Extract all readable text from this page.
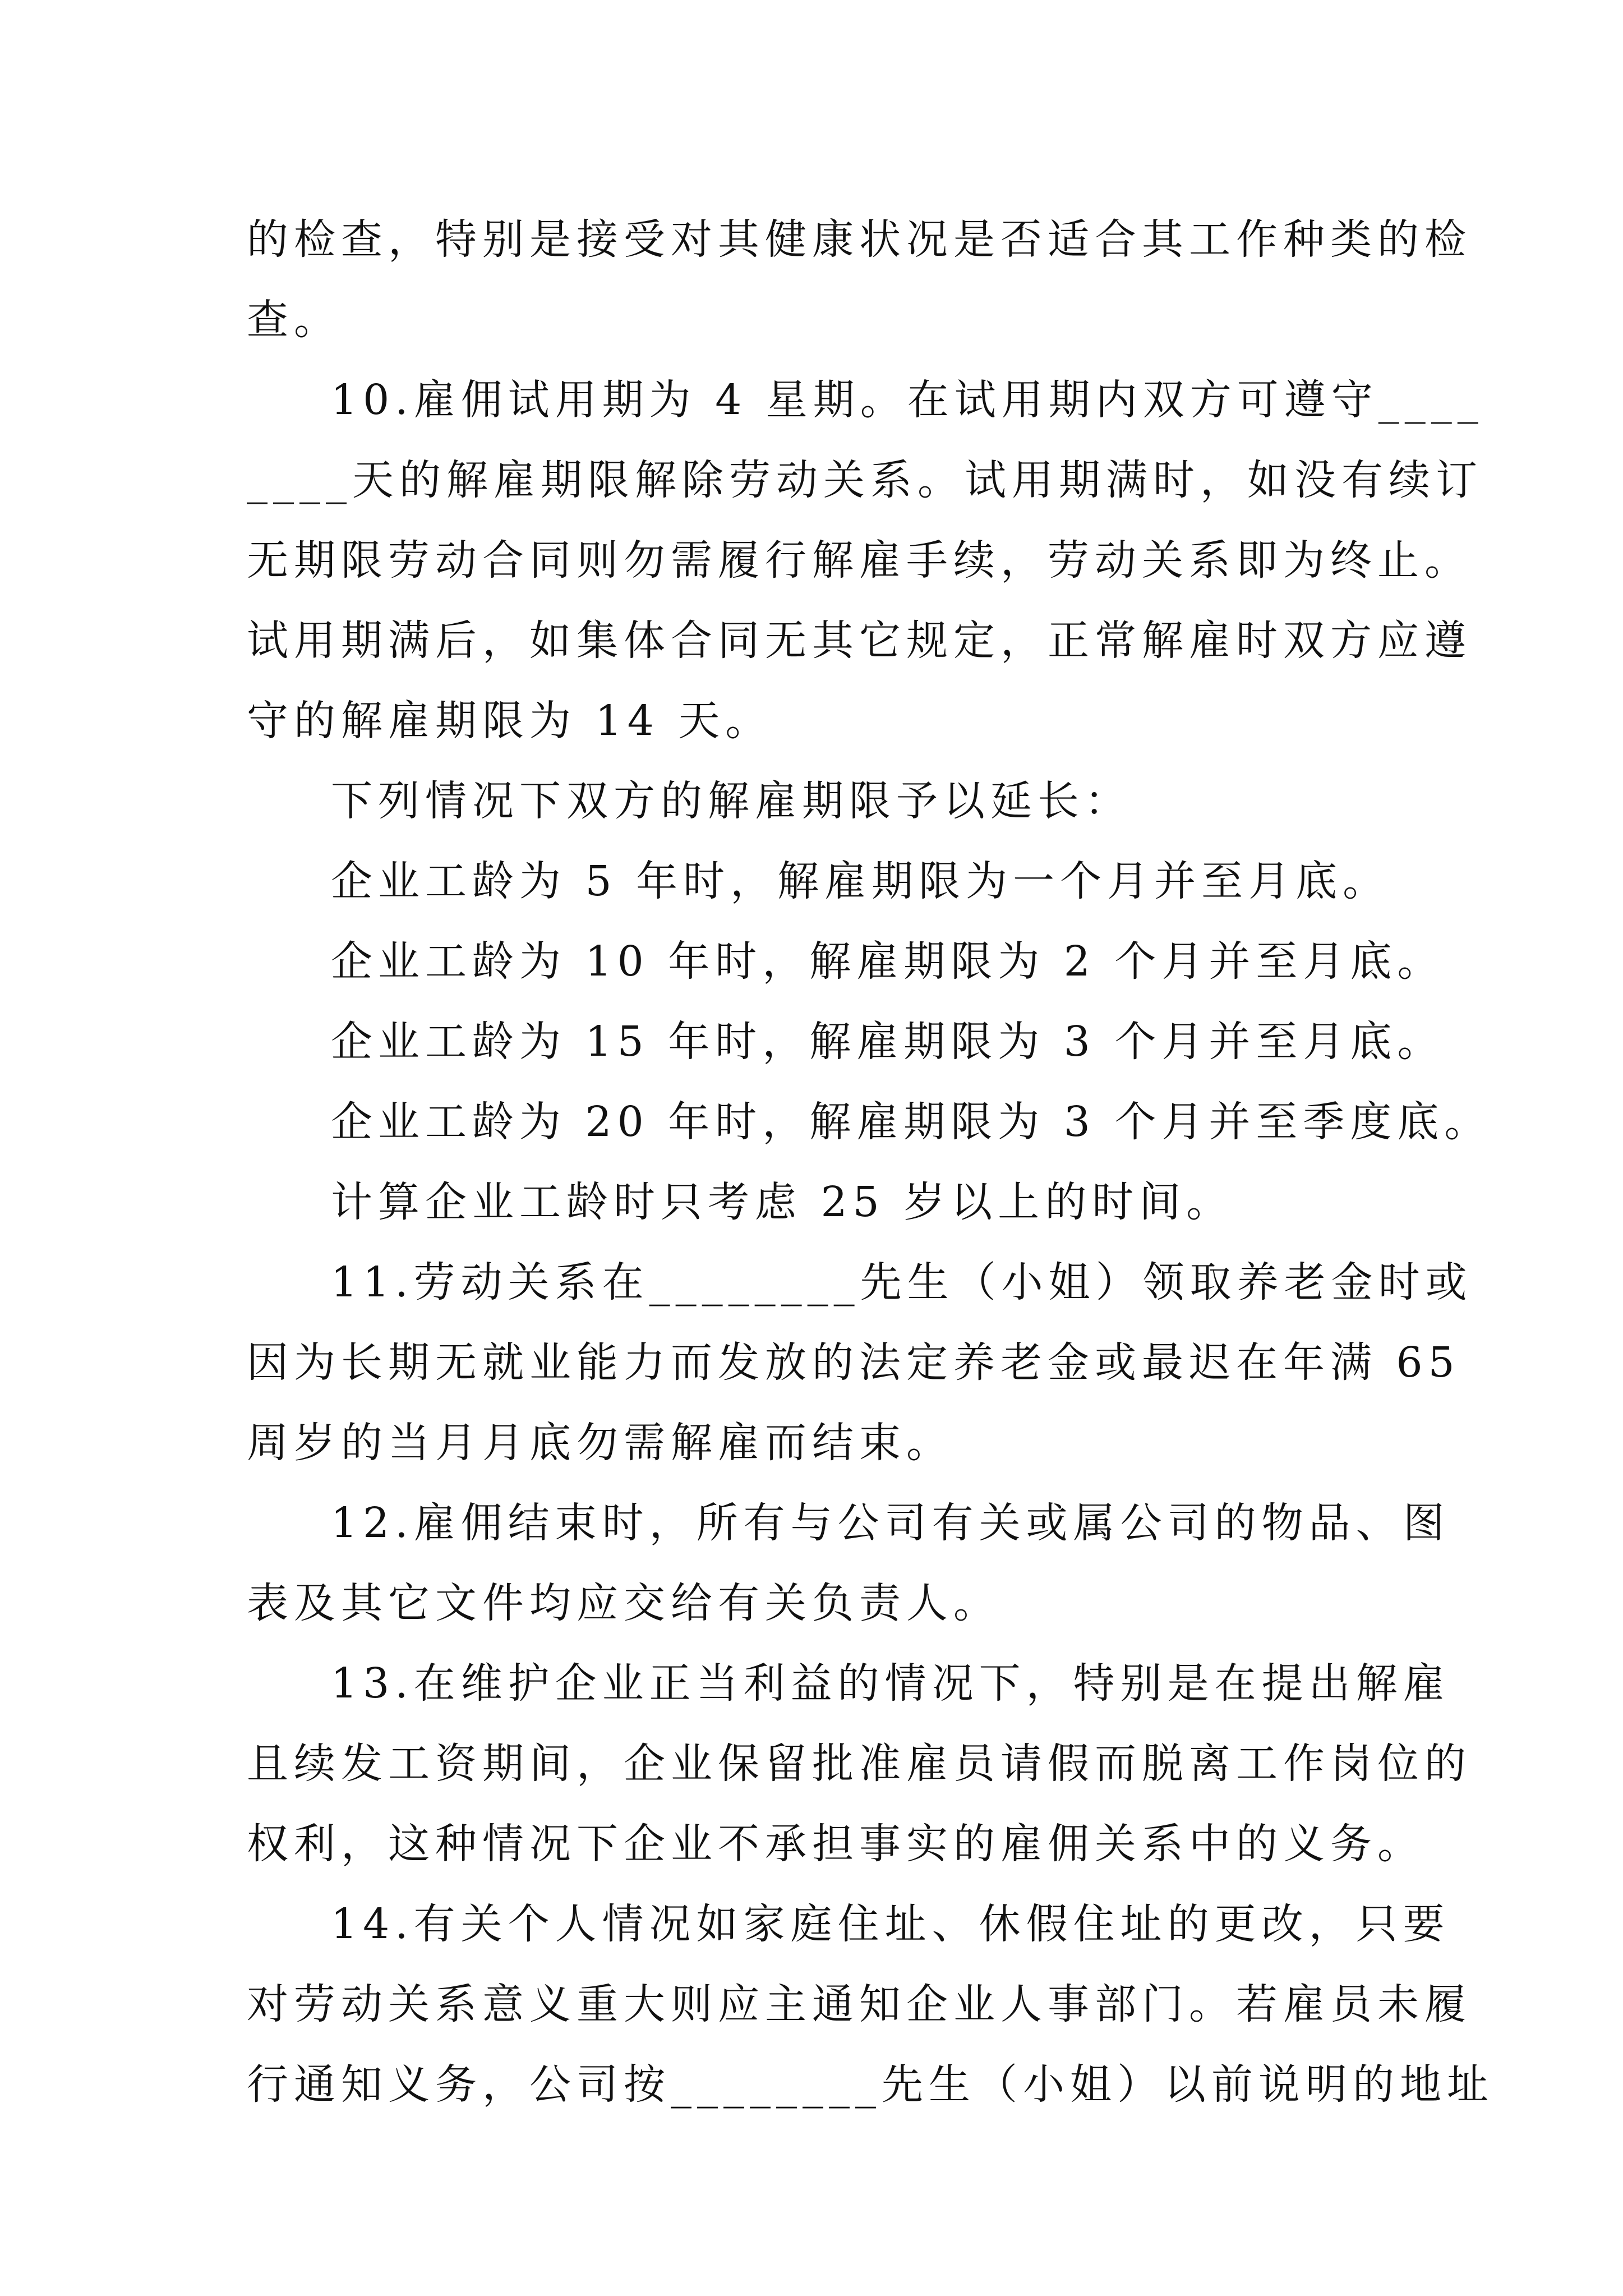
的检查，特别是接受对其健康状况是否适合其工作种类的检
查。
10.雇佣试用期为 4 星期。在试用期内双方可遵守____
____天的解雇期限解除劳动关系。试用期满时，如没有续订
无期限劳动合同则勿需履行解雇手续，劳动关系即为终止。
试用期满后，如集体合同无其它规定，正常解雇时双方应遵
守的解雇期限为 14 天。
下列情况下双方的解雇期限予以延长：
企业工龄为 5 年时，解雇期限为一个月并至月底。
企业工龄为 10 年时，解雇期限为 2 个月并至月底。
企业工龄为 15 年时，解雇期限为 3 个月并至月底。
企业工龄为 20 年时，解雇期限为 3 个月并至季度底。
计算企业工龄时只考虑 25 岁以上的时间。
11.劳动关系在________先生（小姐）领取养老金时或
因为长期无就业能力而发放的法定养老金或最迟在年满 65
周岁的当月月底勿需解雇而结束。
12.雇佣结束时，所有与公司有关或属公司的物品、图
表及其它文件均应交给有关负责人。
13.在维护企业正当利益的情况下，特别是在提出解雇
且续发工资期间，企业保留批准雇员请假而脱离工作岗位的
权利，这种情况下企业不承担事实的雇佣关系中的义务。
14.有关个人情况如家庭住址、休假住址的更改，只要
对劳动关系意义重大则应主通知企业人事部门。若雇员未履
行通知义务，公司按________先生（小姐）以前说明的地址
